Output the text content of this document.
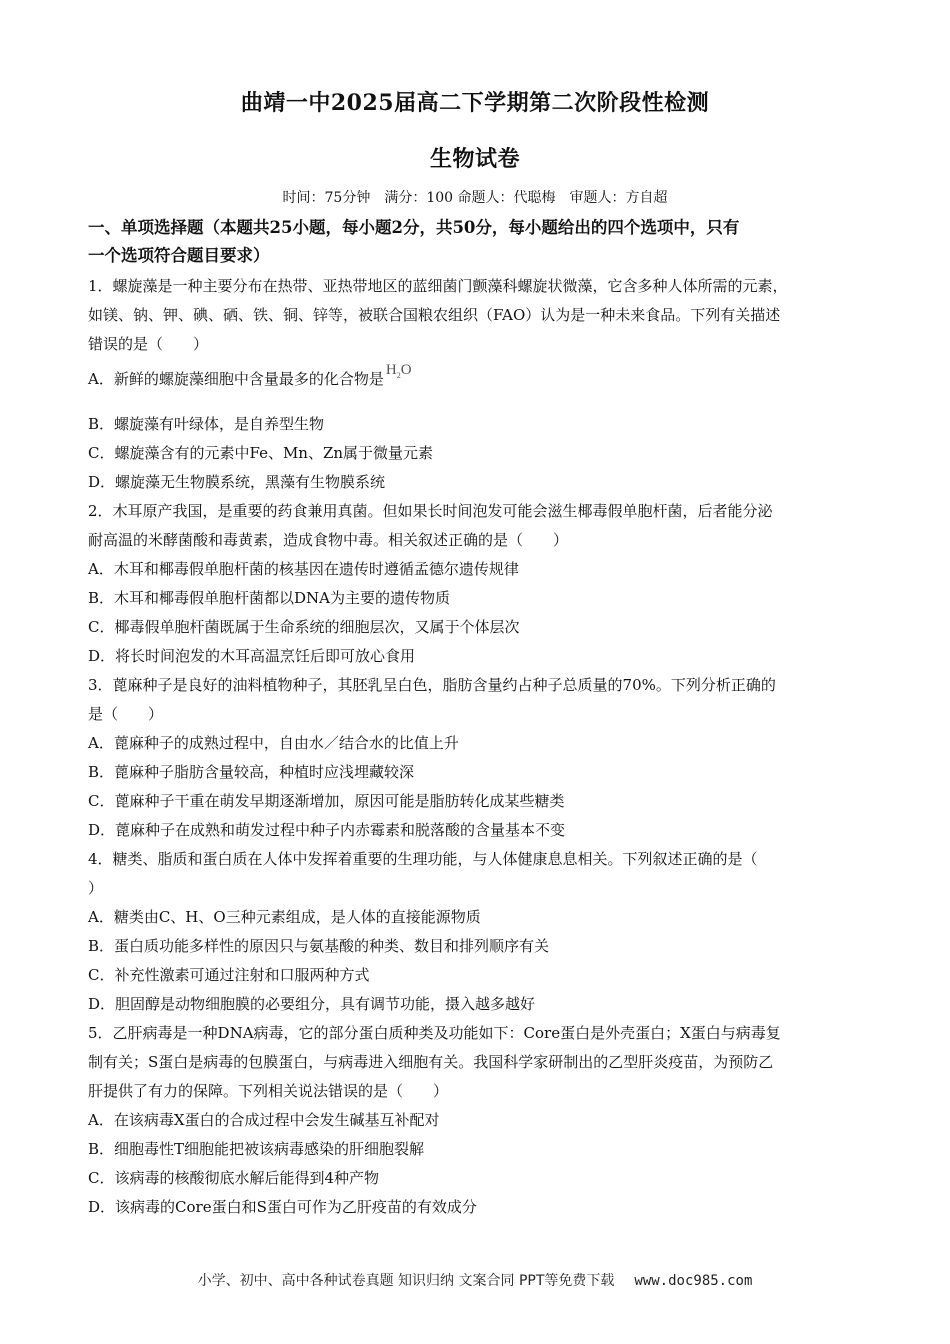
曲靖一中2025届高二下学期第二次阶段性检测
生物试卷
时间：75分钟　满分：100 命题人：代聪梅　审题人：方自超
一、单项选择题（本题共25小题，每小题2分，共50分，每小题给出的四个选项中，只有
一个选项符合题目要求）

1．螺旋藻是一种主要分布在热带、亚热带地区的蓝细菌门颤藻科螺旋状微藻，它含多种人体所需的元素，

如镁、钠、钾、碘、硒、铁、铜、锌等，被联合国粮农组织（FAO）认为是一种未来食品。下列有关描述

错误的是（　　）

A．新鲜的螺旋藻细胞中含量最多的化合物是 $H_2O$

B．螺旋藻有叶绿体，是自养型生物

C．螺旋藻含有的元素中Fe、Mn、Zn属于微量元素

D．螺旋藻无生物膜系统，黑藻有生物膜系统

2．木耳原产我国，是重要的药食兼用真菌。但如果长时间泡发可能会滋生椰毒假单胞杆菌，后者能分泌

耐高温的米酵菌酸和毒黄素，造成食物中毒。相关叙述正确的是（　　）

A．木耳和椰毒假单胞杆菌的核基因在遗传时遵循孟德尔遗传规律

B．木耳和椰毒假单胞杆菌都以DNA为主要的遗传物质

C．椰毒假单胞杆菌既属于生命系统的细胞层次，又属于个体层次

D．将长时间泡发的木耳高温烹饪后即可放心食用

3．蓖麻种子是良好的油料植物种子，其胚乳呈白色，脂肪含量约占种子总质量的70%。下列分析正确的

是（　　）

A．蓖麻种子的成熟过程中，自由水／结合水的比值上升

B．蓖麻种子脂肪含量较高，种植时应浅埋藏较深

C．蓖麻种子干重在萌发早期逐渐增加，原因可能是脂肪转化成某些糖类

D．蓖麻种子在成熟和萌发过程中种子内赤霉素和脱落酸的含量基本不变

4．糖类、脂质和蛋白质在人体中发挥着重要的生理功能，与人体健康息息相关。下列叙述正确的是（

）

A．糖类由C、H、O三种元素组成，是人体的直接能源物质

B．蛋白质功能多样性的原因只与氨基酸的种类、数目和排列顺序有关

C．补充性激素可通过注射和口服两种方式

D．胆固醇是动物细胞膜的必要组分，具有调节功能，摄入越多越好

5．乙肝病毒是一种DNA病毒，它的部分蛋白质种类及功能如下：Core蛋白是外壳蛋白；X蛋白与病毒复

制有关；S蛋白是病毒的包膜蛋白，与病毒进入细胞有关。我国科学家研制出的乙型肝炎疫苗，为预防乙

肝提供了有力的保障。下列相关说法错误的是（　　）

A．在该病毒X蛋白的合成过程中会发生碱基互补配对

B．细胞毒性T细胞能把被该病毒感染的肝细胞裂解

C．该病毒的核酸彻底水解后能得到4种产物

D．该病毒的Core蛋白和S蛋白可作为乙肝疫苗的有效成分

小学、初中、高中各种试卷真题 知识归纳 文案合同 PPT等免费下载 www.doc985.com
